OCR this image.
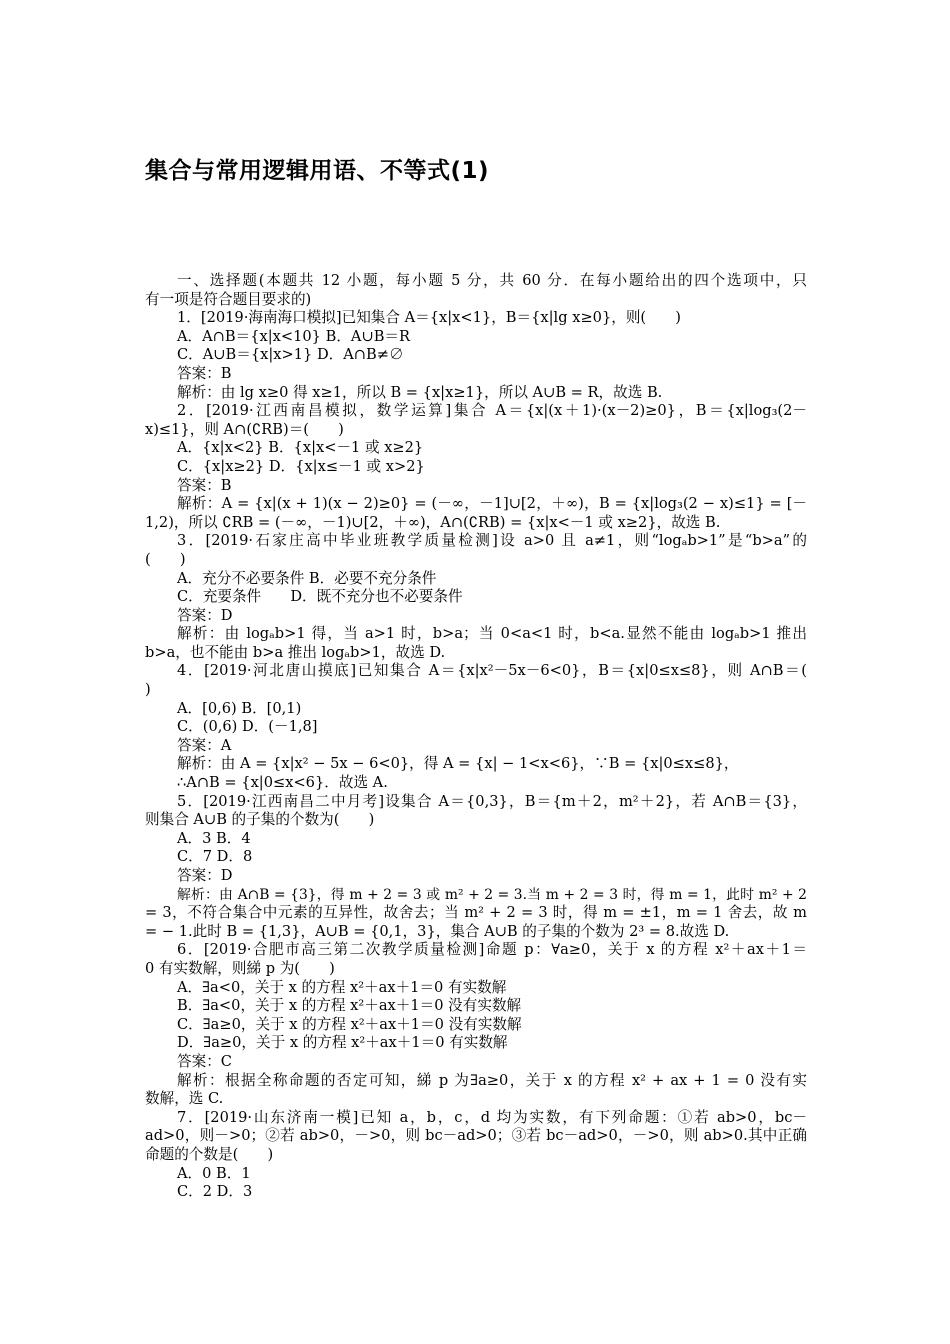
集合与常用逻辑用语、不等式(1)
一、选择题(本题共 12 小题，每小题 5 分，共 60 分．在每小题给出的四个选项中，只
有一项是符合题目要求的)
1．[2019·海南海口模拟]已知集合 A＝{x|x<1}，B＝{x|lg x≥0}，则(　　)
A．A∩B＝{x|x<10} B．A∪B＝R
C．A∪B＝{x|x>1} D．A∩B≠∅
答案：B
解析：由 lg x≥0 得 x≥1，所以 B = {x|x≥1}，所以 A∪B = R，故选 B.
2．[2019·江西南昌模拟，数学运算]集合 A＝{x|(x＋1)·(x－2)≥0}，B＝{x|log₃(2－
x)≤1}，则 A∩(∁RB)＝(　　)
A．{x|x<2} B．{x|x<－1 或 x≥2}
C．{x|x≥2} D．{x|x≤－1 或 x>2}
答案：B
解析：A = {x|(x + 1)(x − 2)≥0} = (－∞，－1]∪[2，＋∞)，B = {x|log₃(2 − x)≤1} = [－
1,2)，所以 ∁RB = (－∞，－1)∪[2，＋∞)，A∩(∁RB) = {x|x<－1 或 x≥2}，故选 B.
3．[2019·石家庄高中毕业班教学质量检测]设 a>0 且 a≠1，则“logₐb>1”是“b>a”的
(　　)
A．充分不必要条件 B．必要不充分条件
C．充要条件　　D．既不充分也不必要条件
答案：D
解析：由 logₐb>1 得，当 a>1 时，b>a；当 0<a<1 时，b<a.显然不能由 logₐb>1 推出
b>a，也不能由 b>a 推出 logₐb>1，故选 D.
4．[2019·河北唐山摸底]已知集合 A＝{x|x²－5x－6<0}，B＝{x|0≤x≤8}，则 A∩B＝(
)
A．[0,6) B．[0,1)
C．(0,6) D．(－1,8]
答案：A
解析：由 A = {x|x² − 5x − 6<0}，得 A = {x| − 1<x<6}，∵B = {x|0≤x≤8}，
∴A∩B = {x|0≤x<6}．故选 A.
5．[2019·江西南昌二中月考]设集合 A＝{0,3}，B＝{m＋2，m²＋2}，若 A∩B＝{3}，
则集合 A∪B 的子集的个数为(　　)
A．3 B．4
C．7 D．8
答案：D
解析：由 A∩B = {3}，得 m + 2 = 3 或 m² + 2 = 3.当 m + 2 = 3 时，得 m = 1，此时 m² + 2
= 3，不符合集合中元素的互异性，故舍去；当 m² + 2 = 3 时，得 m = ±1，m = 1 舍去，故 m
= − 1.此时 B = {1,3}，A∪B = {0,1，3}，集合 A∪B 的子集的个数为 2³ = 8.故选 D.
6．[2019·合肥市高三第二次教学质量检测]命题 p：∀a≥0，关于 x 的方程 x²＋ax＋1＝
0 有实数解，则綈 p 为(　　)
A．∃a<0，关于 x 的方程 x²＋ax＋1＝0 有实数解
B．∃a<0，关于 x 的方程 x²＋ax＋1＝0 没有实数解
C．∃a≥0，关于 x 的方程 x²＋ax＋1＝0 没有实数解
D．∃a≥0，关于 x 的方程 x²＋ax＋1＝0 有实数解
答案：C
解析：根据全称命题的否定可知，綈 p 为∃a≥0，关于 x 的方程 x² + ax + 1 = 0 没有实
数解，选 C.
7．[2019·山东济南一模]已知 a，b，c，d 均为实数，有下列命题：①若 ab>0，bc－
ad>0，则－>0；②若 ab>0，－>0，则 bc－ad>0；③若 bc－ad>0，－>0，则 ab>0.其中正确
命题的个数是(　　)
A．0 B．1
C．2 D．3
